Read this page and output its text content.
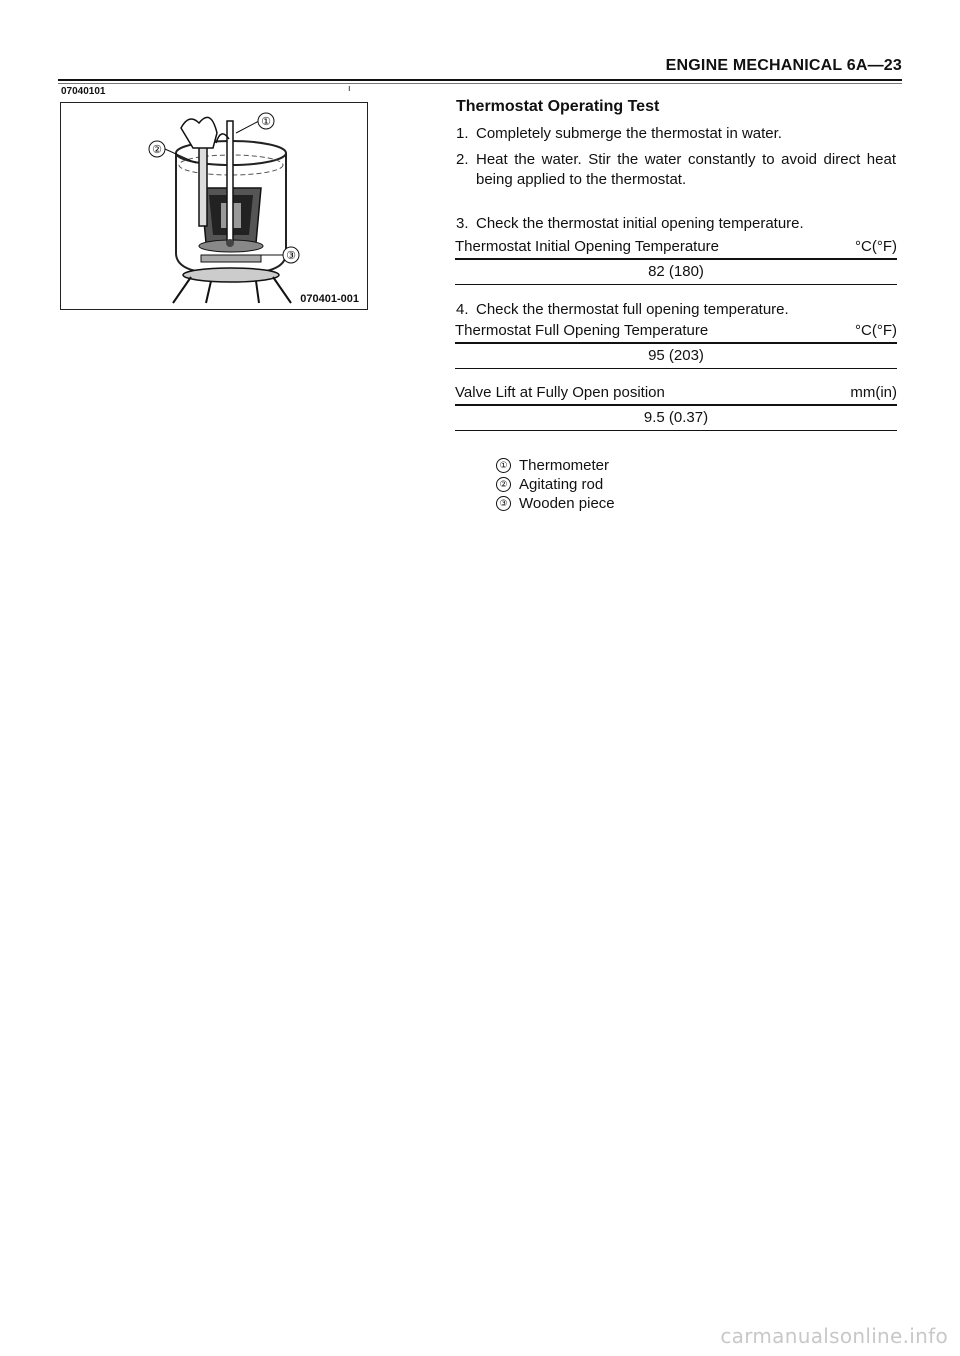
ENGINE MECHANICAL 6A—23
07040101	ı
①
②
③
070401-001
Thermostat Operating Test
1. Completely submerge the thermostat in water.
2. Heat the water. Stir the water constantly to avoid direct heat being applied to the thermostat.
3. Check the thermostat initial opening temperature.
Thermostat Initial Opening Temperature	°C(°F)
82 (180)
4. Check the thermostat full opening temperature.
Thermostat Full Opening Temperature	°C(°F)
95 (203)
Valve Lift at Fully Open position	mm(in)
9.5 (0.37)
① Thermometer
② Agitating rod
③ Wooden piece
carmanualsonline.info
